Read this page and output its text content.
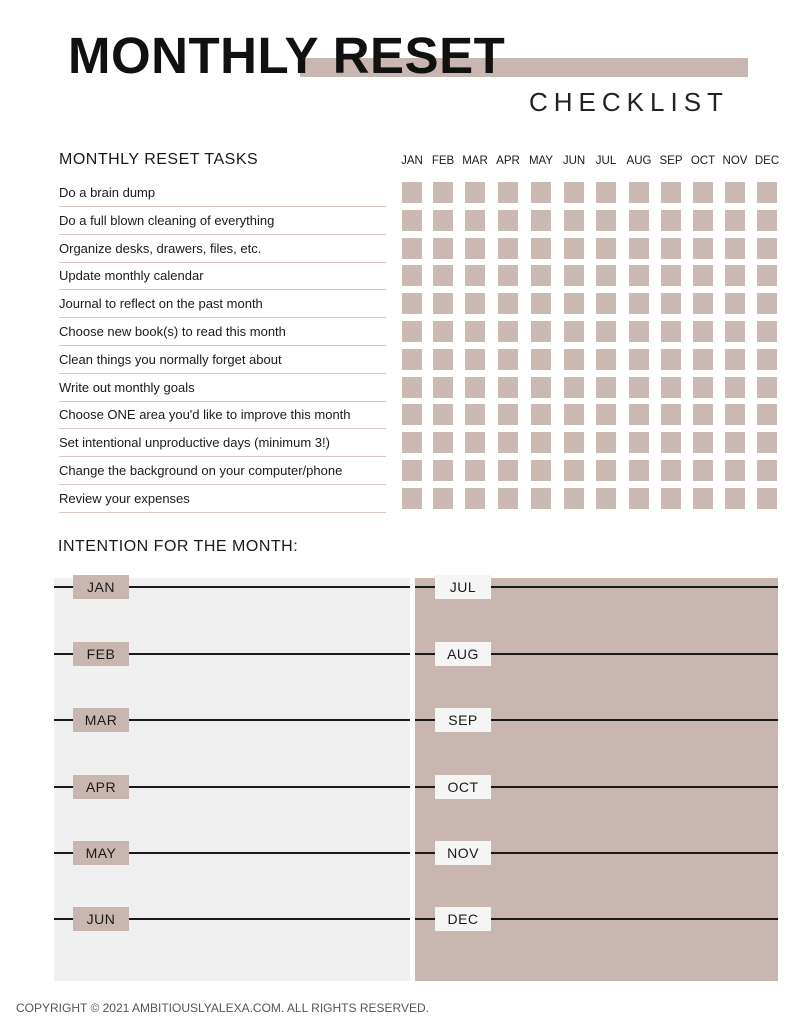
MONTHLY RESET
CHECKLIST
MONTHLY RESET TASKS	JAN FEB MAR APR MAY JUN JUL AUG SEP OCT NOV DEC
Do a brain dump
Do a full blown cleaning of everything
Organize desks, drawers, files, etc.
Update monthly calendar
Journal to reflect on the past month
Choose new book(s) to read this month
Clean things you normally forget about
Write out monthly goals
Choose ONE area you'd like to improve this month
Set intentional unproductive days (minimum 3!)
Change the background on your computer/phone
Review your expenses
INTENTION FOR THE MONTH:
JAN	JUL
FEB	AUG
MAR	SEP
APR	OCT
MAY	NOV
JUN	DEC
COPYRIGHT © 2021 AMBITIOUSLYALEXA.COM. ALL RIGHTS RESERVED.
